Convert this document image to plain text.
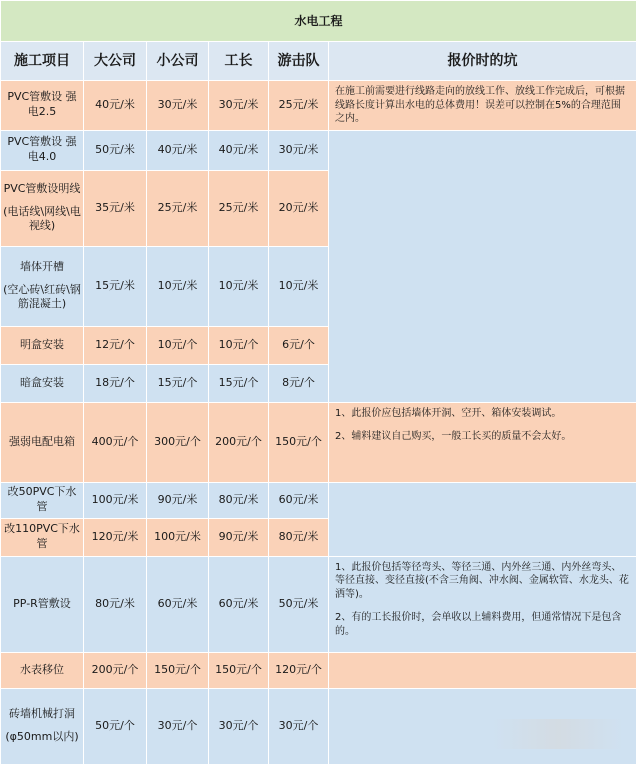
水电工程					
施工项目	大公司	小公司	工长	游击队	报价时的坑

PVC管敷设 强电2.5	40元/米	30元/米	30元/米	25元/米	在施工前需要进行线路走向的放线工作、放线工作完成后，可根据线路长度计算出水电的总体费用！误差可以控制在5%的合理范围之内。

PVC管敷设 强电4.0	50元/米	40元/米	40元/米	30元/米	

PVC管敷设明线
(电话线\网线\电视线)	35元/米	25元/米	25元/米	20元/米	

墙体开槽
(空心砖\红砖\钢筋混凝土)	15元/米	10元/米	10元/米	10元/米	

明盒安装	12元/个	10元/个	10元/个	6元/个	

暗盒安装	18元/个	15元/个	15元/个	8元/个	

强弱电配电箱	400元/个	300元/个	200元/个	150元/个	1、此报价应包括墙体开洞、空开、箱体安装调试。

2、辅料建议自己购买，一般工长买的质量不会太好。

改50PVC下水管	100元/米	90元/米	80元/米	60元/米	

改110PVC下水管	120元/米	100元/米	90元/米	80元/米	

PP-R管敷设	80元/米	60元/米	60元/米	50元/米	1、此报价包括等径弯头、等径三通、内外丝三通、内外丝弯头、等径直接、变径直接(不含三角阀、冲水阀、金属软管、水龙头、花洒等)。

2、有的工长报价时，会单收以上辅料费用，但通常情况下是包含的。

水表移位	200元/个	150元/个	150元/个	120元/个	

砖墙机械打洞
(φ50mm以内)	50元/个	30元/个	30元/个	30元/个	
